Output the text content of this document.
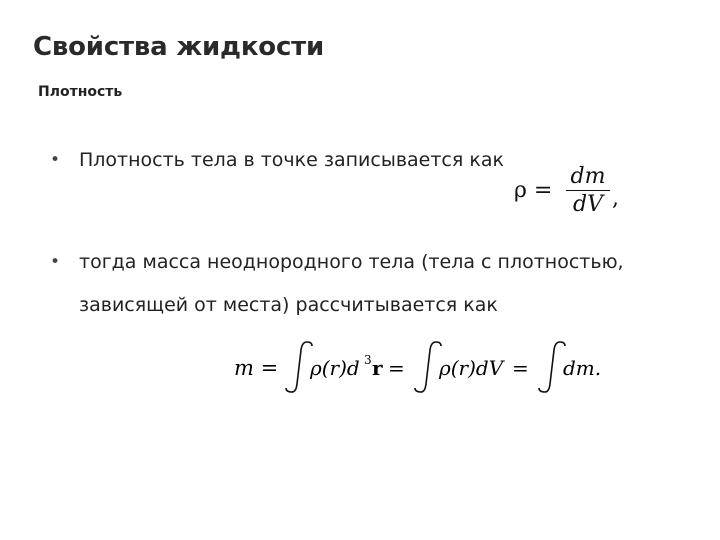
Свойства жидкости
Плотность
• Плотность тела в точке записывается как
• тогда масса неоднородного тела (тела с плотностью,
зависящей от места) рассчитывается как
$\rho = \frac{dm}{dV}$ ,
m = ρ(r)d 3 r = ρ(r)dV = dm.
